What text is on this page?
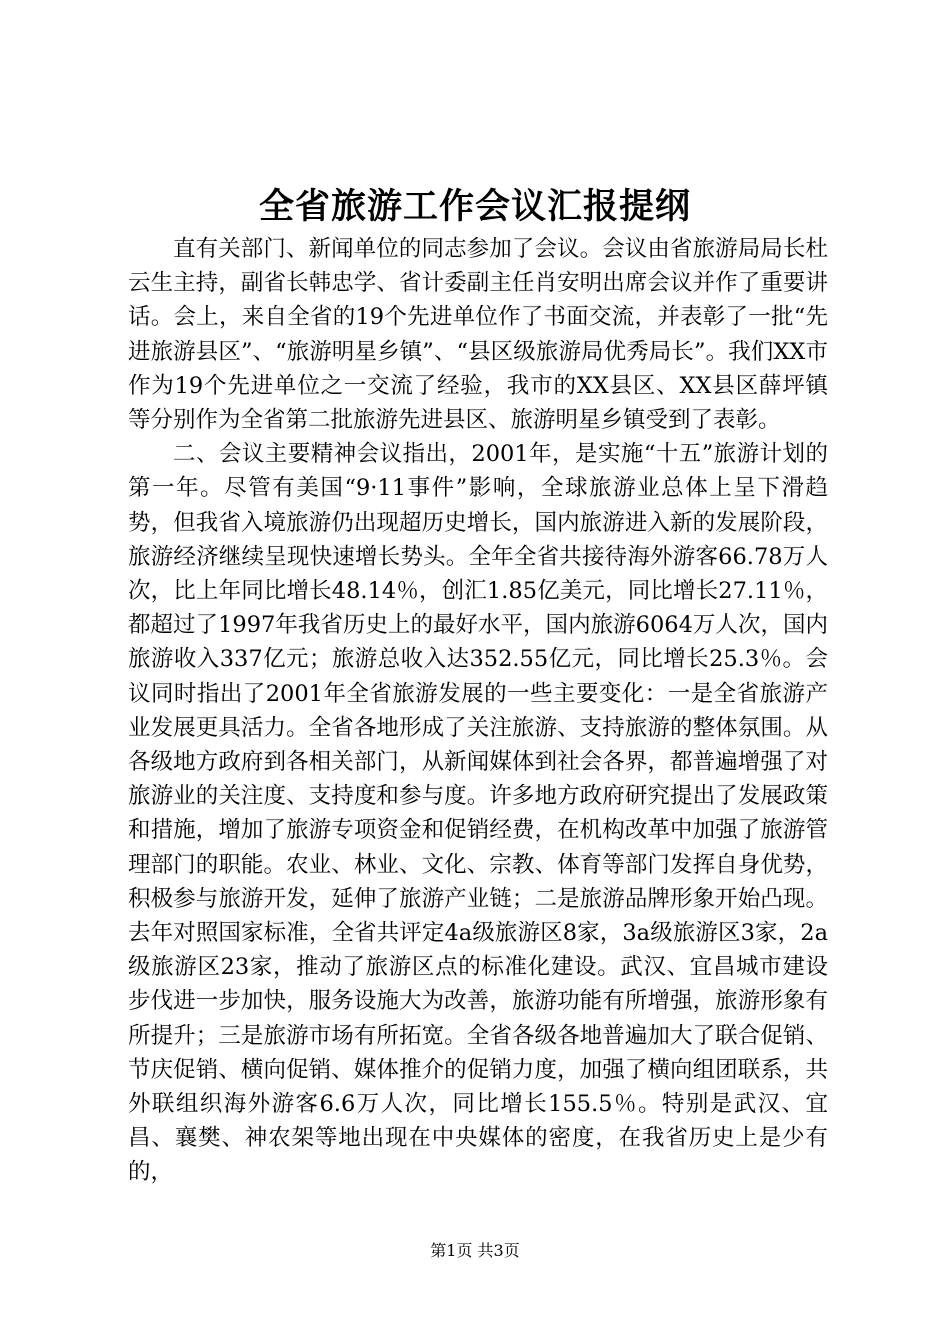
全省旅游工作会议汇报提纲

直有关部门、新闻单位的同志参加了会议。会议由省旅游局局长杜云生主持，副省长韩忠学、省计委副主任肖安明出席会议并作了重要讲话。会上，来自全省的19个先进单位作了书面交流，并表彰了一批“先进旅游县区”、“旅游明星乡镇”、“县区级旅游局优秀局长”。我们XX市作为19个先进单位之一交流了经验，我市的XX县区、XX县区薛坪镇等分别作为全省第二批旅游先进县区、旅游明星乡镇受到了表彰。

二、会议主要精神会议指出，2001年，是实施“十五”旅游计划的第一年。尽管有美国“9·11事件”影响，全球旅游业总体上呈下滑趋势，但我省入境旅游仍出现超历史增长，国内旅游进入新的发展阶段，旅游经济继续呈现快速增长势头。全年全省共接待海外游客66.78万人次，比上年同比增长48.14％，创汇1.85亿美元，同比增长27.11％，都超过了1997年我省历史上的最好水平，国内旅游6064万人次，国内旅游收入337亿元；旅游总收入达352.55亿元，同比增长25.3％。会议同时指出了2001年全省旅游发展的一些主要变化：一是全省旅游产业发展更具活力。全省各地形成了关注旅游、支持旅游的整体氛围。从各级地方政府到各相关部门，从新闻媒体到社会各界，都普遍增强了对旅游业的关注度、支持度和参与度。许多地方政府研究提出了发展政策和措施，增加了旅游专项资金和促销经费，在机构改革中加强了旅游管理部门的职能。农业、林业、文化、宗教、体育等部门发挥自身优势，积极参与旅游开发，延伸了旅游产业链；二是旅游品牌形象开始凸现。去年对照国家标准，全省共评定4a级旅游区8家，3a级旅游区3家，2a级旅游区23家，推动了旅游区点的标准化建设。武汉、宜昌城市建设步伐进一步加快，服务设施大为改善，旅游功能有所增强，旅游形象有所提升；三是旅游市场有所拓宽。全省各级各地普遍加大了联合促销、节庆促销、横向促销、媒体推介的促销力度，加强了横向组团联系，共外联组织海外游客6.6万人次，同比增长155.5％。特别是武汉、宜昌、襄樊、神农架等地出现在中央媒体的密度，在我省历史上是少有的，

第1页 共3页
